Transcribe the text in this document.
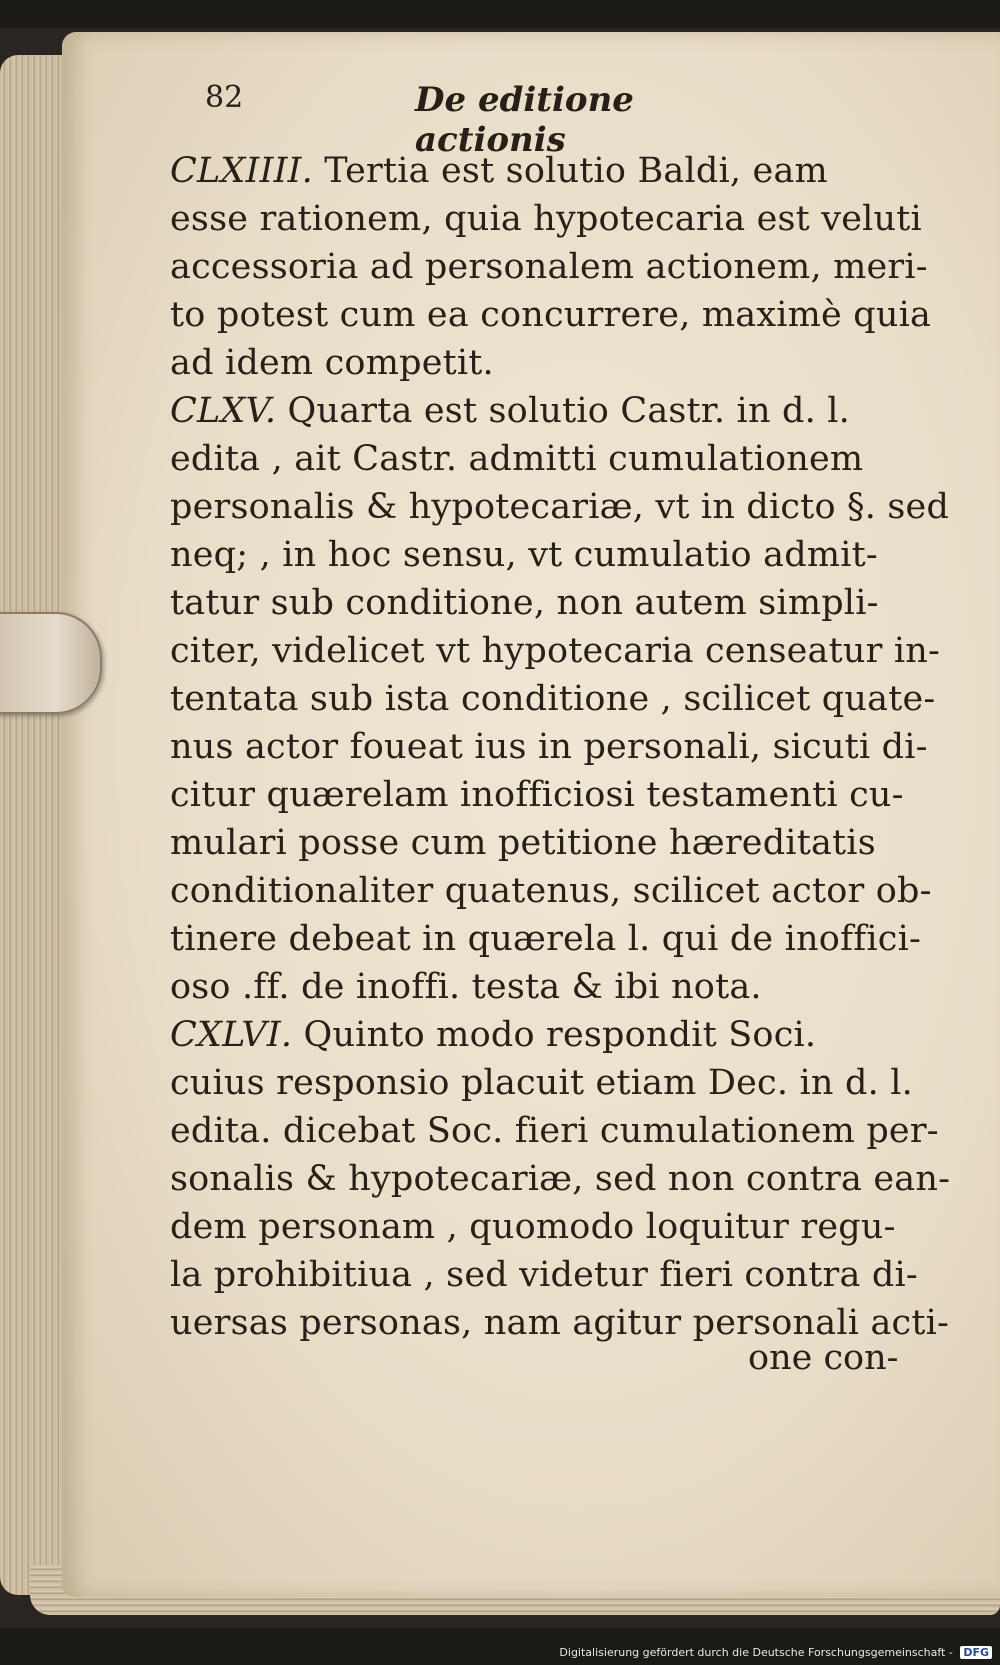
82	De editione actionis
CLXIIII. Tertia est solutio Baldi, eam
esse rationem, quia hypotecaria est veluti
accessoria ad personalem actionem, meri-
to potest cum ea concurrere, maximè quia
ad idem competit.
CLXV. Quarta est solutio Castr. in d. l.
edita , ait Castr. admitti cumulationem
personalis & hypotecariæ, vt in dicto §. sed
neq; , in hoc sensu, vt cumulatio admit-
tatur sub conditione, non autem simpli-
citer, videlicet vt hypotecaria censeatur in-
tentata sub ista conditione , scilicet quate-
nus actor foueat ius in personali, sicuti di-
citur quærelam inofficiosi testamenti cu-
mulari posse cum petitione hæreditatis
conditionaliter quatenus, scilicet actor ob-
tinere debeat in quærela l. qui de inoffici-
oso .ff. de inoffi. testa & ibi nota.
CXLVI. Quinto modo respondit Soci.
cuius responsio placuit etiam Dec. in d. l.
edita. dicebat Soc. fieri cumulationem per-
sonalis & hypotecariæ, sed non contra ean-
dem personam , quomodo loquitur regu-
la prohibitiua , sed videtur fieri contra di-
uersas personas, nam agitur personali acti-
one con-
Digitalisierung gefördert durch die Deutsche Forschungsgemeinschaft - DFG
